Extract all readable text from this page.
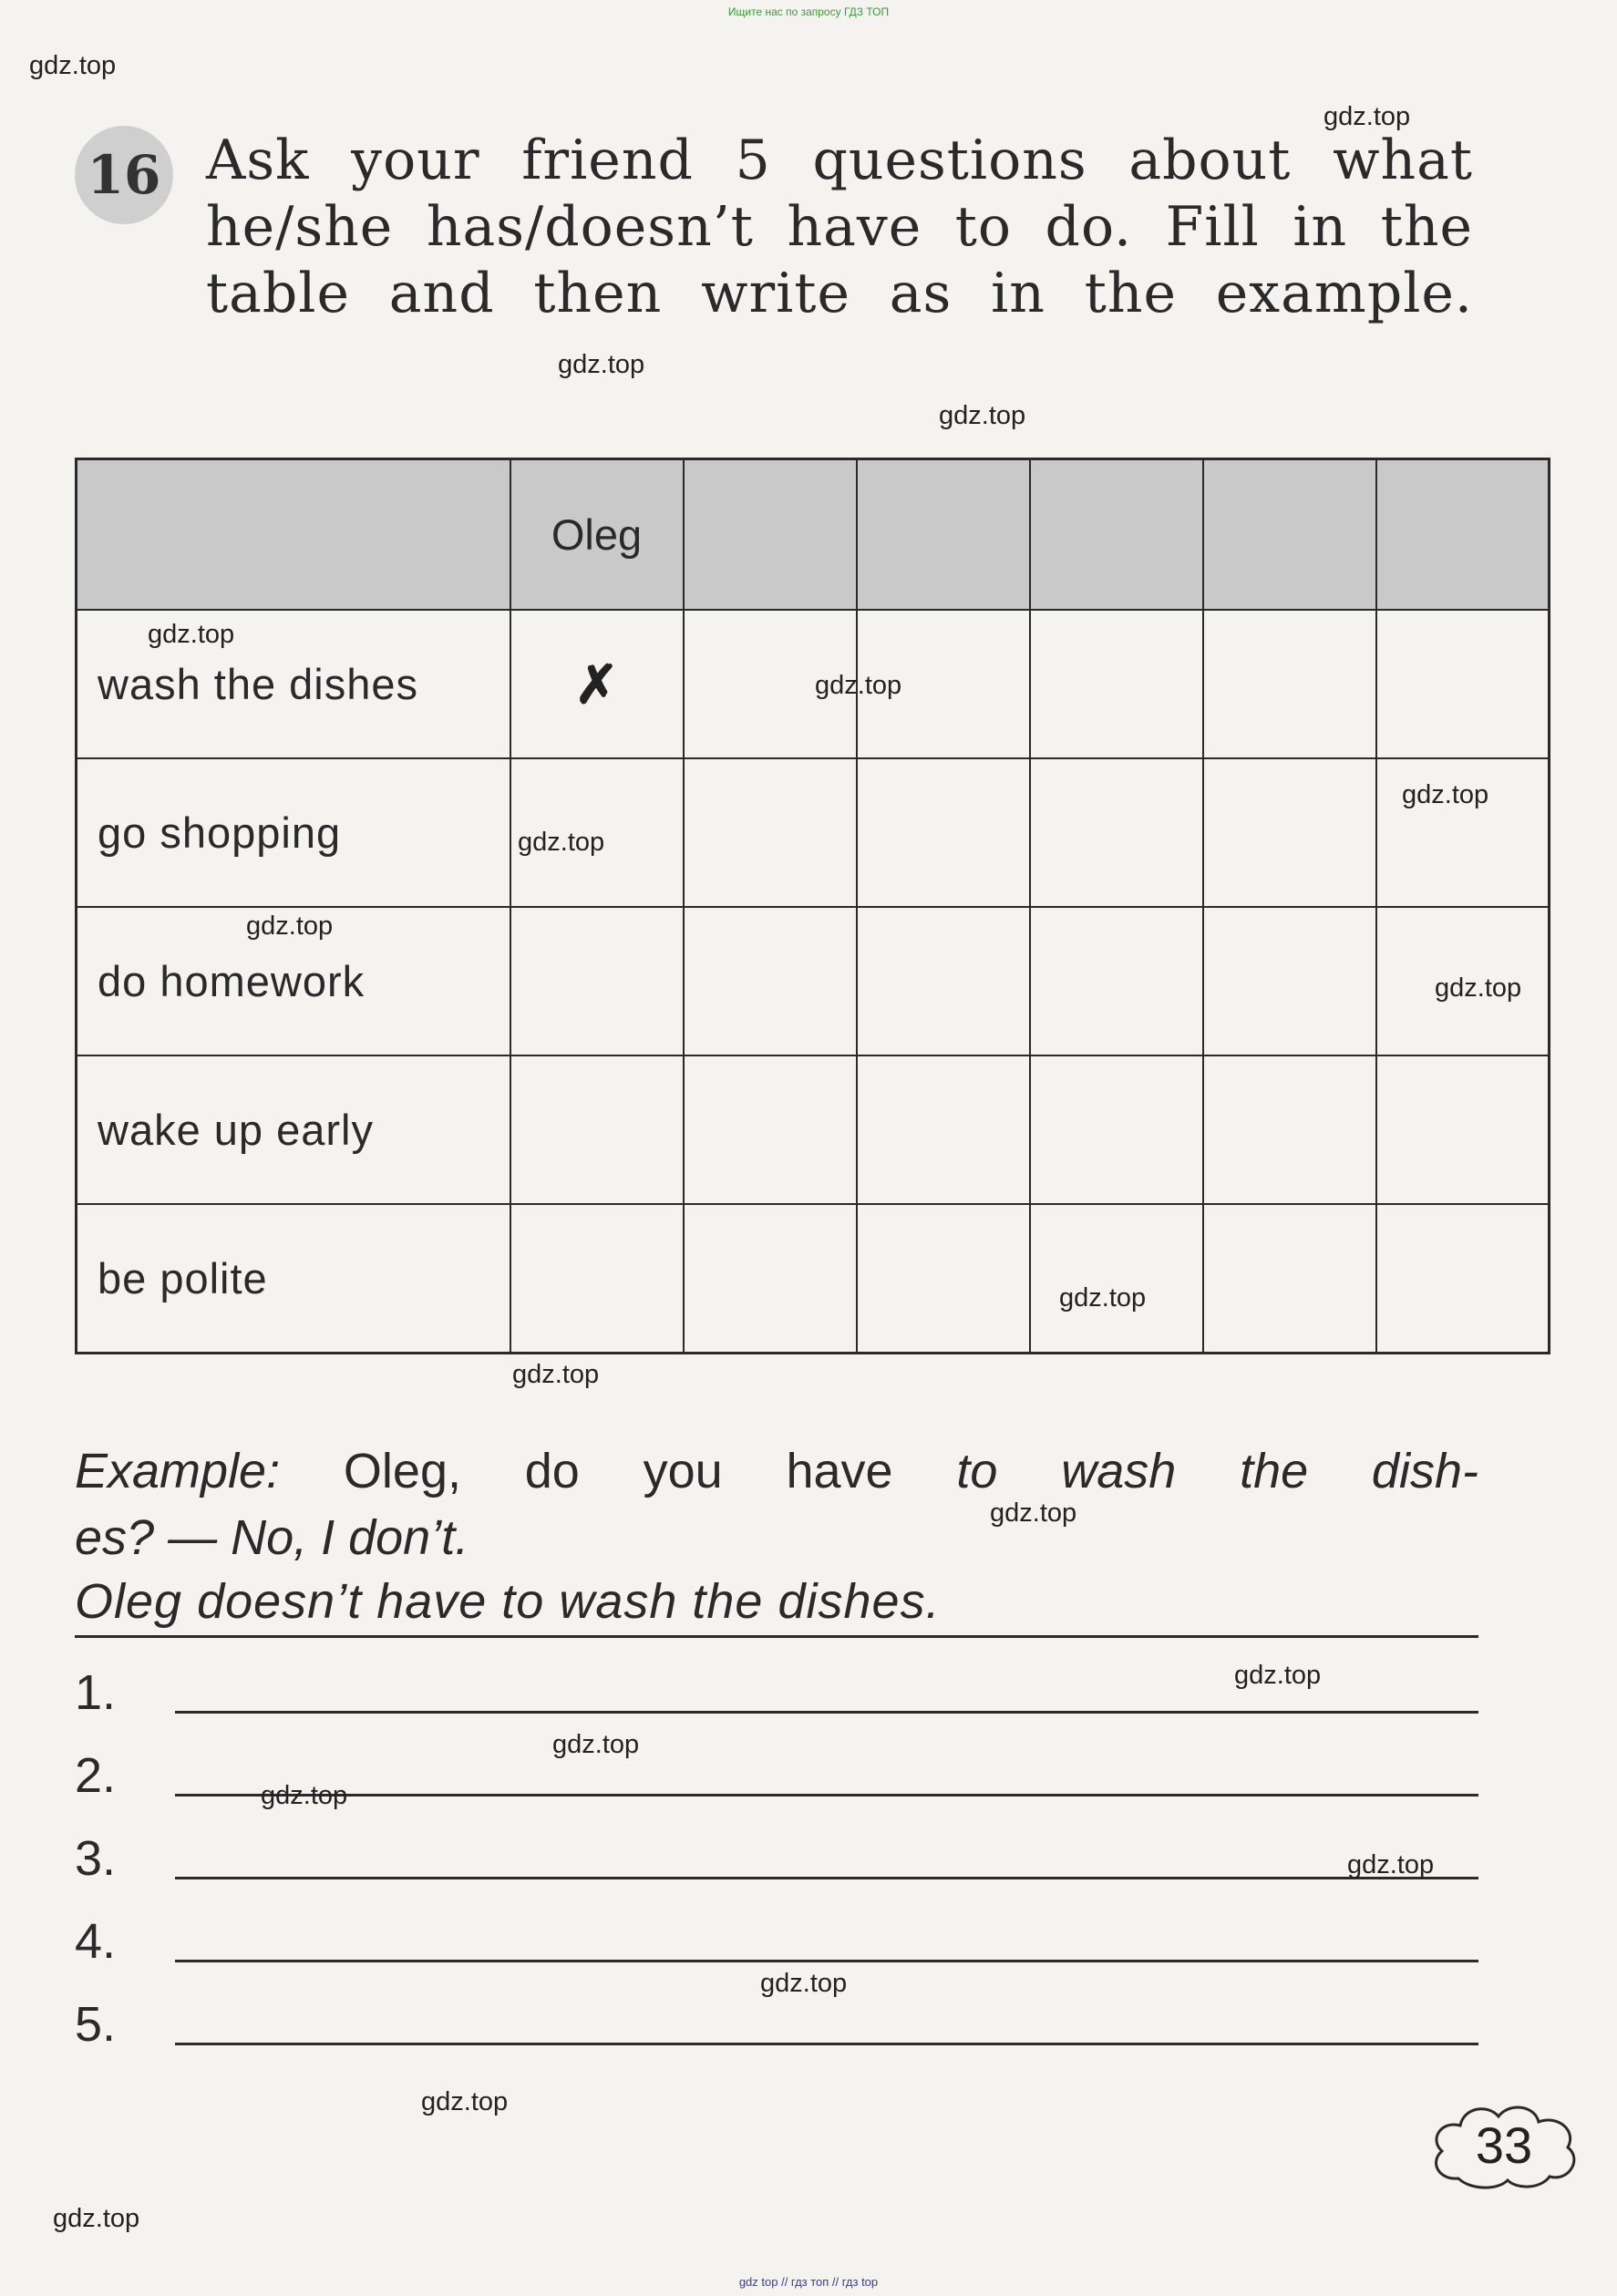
Ищите нас по запросу ГДЗ ТОП
16 Ask your friend 5 questions about what he/she has/doesn’t have to do. Fill in the table and then write as in the example.
	Oleg					
wash the dishes	✗					
go shopping						
do homework						
wake up early						
be polite						
Example: Oleg, do you have to wash the dish-
es? — No, I don’t.
Oleg doesn’t have to wash the dishes.
1.
2.
3.
4.
5.
33
gdz.top
gdz.top
gdz.top
gdz.top
gdz.top
gdz.top
gdz.top
gdz.top
gdz.top
gdz.top
gdz.top
gdz.top
gdz.top
gdz.top
gdz.top
gdz.top
gdz.top
gdz.top
gdz.top
gdz.top
gdz top // гдз топ // гдз top
